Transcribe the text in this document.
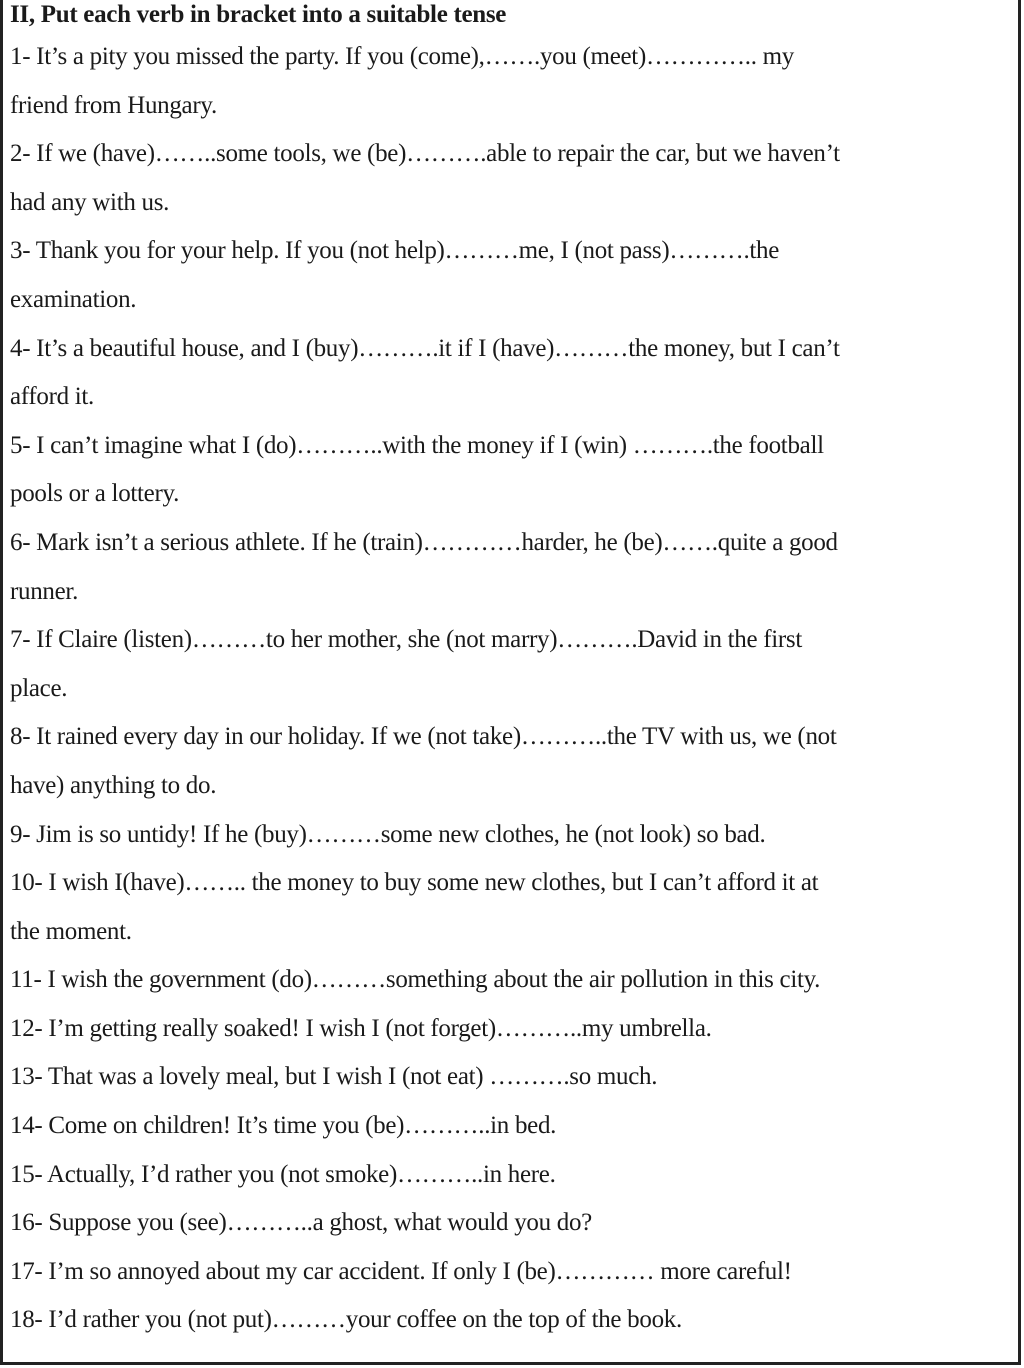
II, Put each verb in bracket into a suitable tense
1- It’s a pity you missed the party. If you (come),…….you (meet)………….. my
friend from Hungary.
2- If we (have)……..some tools, we (be)……….able to repair the car, but we haven’t
had any with us.
3- Thank you for your help. If you (not help)………me, I (not pass)……….the
examination.
4- It’s a beautiful house, and I (buy)……….it if I (have)………the money, but I can’t
afford it.
5- I can’t imagine what I (do)………..with the money if I (win) ……….the football
pools or a lottery.
6- Mark isn’t a serious athlete. If he (train)…………harder, he (be)…….quite a good
runner.
7- If Claire (listen)………to her mother, she (not marry)……….David in the first
place.
8- It rained every day in our holiday. If we (not take)………..the TV with us, we (not
have) anything to do.
9- Jim is so untidy! If he (buy)………some new clothes, he (not look) so bad.
10- I wish I(have)…….. the money to buy some new clothes, but I can’t afford it at
the moment.
11- I wish the government (do)………something about the air pollution in this city.
12- I’m getting really soaked! I wish I (not forget)………..my umbrella.
13- That was a lovely meal, but I wish I (not eat) ……….so much.
14- Come on children! It’s time you (be)………..in bed.
15- Actually, I’d rather you (not smoke)………..in here.
16- Suppose you (see)………..a ghost, what would you do?
17- I’m so annoyed about my car accident. If only I (be)………… more careful!
18- I’d rather you (not put)………your coffee on the top of the book.
